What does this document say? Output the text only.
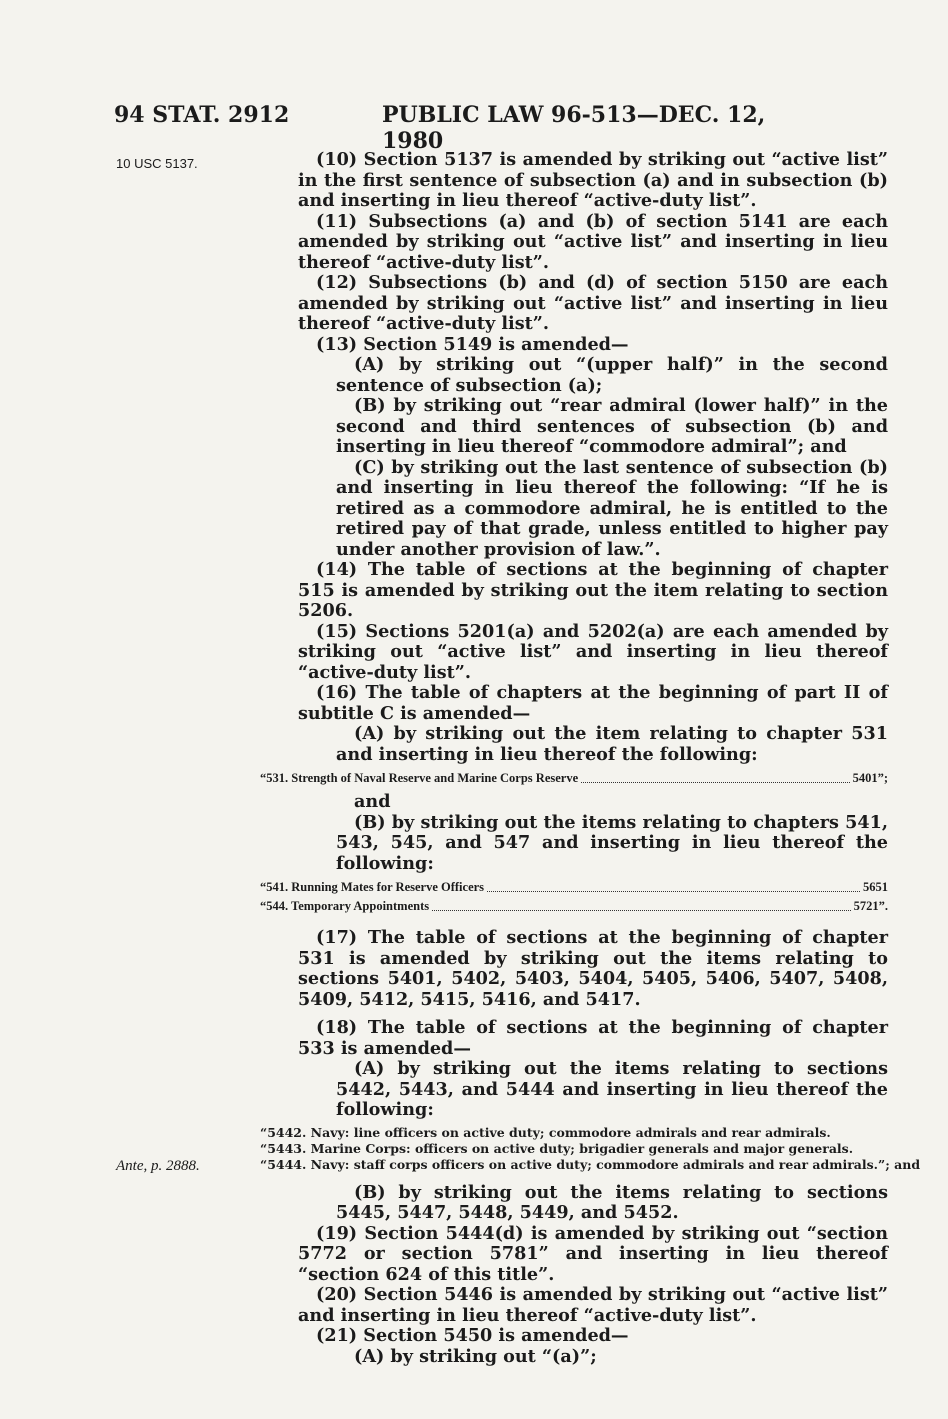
94 STAT. 2912	PUBLIC LAW 96-513—DEC. 12, 1980
10 USC 5137.
Ante, p. 2888.

(10) Section 5137 is amended by striking out “active list” in the first sentence of subsection (a) and in subsection (b) and inserting in lieu thereof “active-duty list”.

(11) Subsections (a) and (b) of section 5141 are each amended by striking out “active list” and inserting in lieu thereof “active-duty list”.

(12) Subsections (b) and (d) of section 5150 are each amended by striking out “active list” and inserting in lieu thereof “active-duty list”.

(13) Section 5149 is amended—

(A) by striking out “(upper half)” in the second sentence of subsection (a);

(B) by striking out “rear admiral (lower half)” in the second and third sentences of subsection (b) and inserting in lieu thereof “commodore admiral”; and

(C) by striking out the last sentence of subsection (b) and inserting in lieu thereof the following: “If he is retired as a commodore admiral, he is entitled to the retired pay of that grade, unless entitled to higher pay under another provision of law.”.

(14) The table of sections at the beginning of chapter 515 is amended by striking out the item relating to section 5206.

(15) Sections 5201(a) and 5202(a) are each amended by striking out “active list” and inserting in lieu thereof “active-duty list”.

(16) The table of chapters at the beginning of part II of subtitle C is amended—

(A) by striking out the item relating to chapter 531 and inserting in lieu thereof the following:

“531. Strength of Naval Reserve and Marine Corps Reserve	5401”;

and

(B) by striking out the items relating to chapters 541, 543, 545, and 547 and inserting in lieu thereof the following:

“541. Running Mates for Reserve Officers	5651
“544. Temporary Appointments	5721”.

(17) The table of sections at the beginning of chapter 531 is amended by striking out the items relating to sections 5401, 5402, 5403, 5404, 5405, 5406, 5407, 5408, 5409, 5412, 5415, 5416, and 5417.

(18) The table of sections at the beginning of chapter 533 is amended—

(A) by striking out the items relating to sections 5442, 5443, and 5444 and inserting in lieu thereof the following:

“5442. Navy: line officers on active duty; commodore admirals and rear admirals.
“5443. Marine Corps: officers on active duty; brigadier generals and major generals.
“5444. Navy: staff corps officers on active duty; commodore admirals and rear admirals.”; and

(B) by striking out the items relating to sections 5445, 5447, 5448, 5449, and 5452.

(19) Section 5444(d) is amended by striking out “section 5772 or section 5781” and inserting in lieu thereof “section 624 of this title”.

(20) Section 5446 is amended by striking out “active list” and inserting in lieu thereof “active-duty list”.

(21) Section 5450 is amended—

(A) by striking out “(a)”;
